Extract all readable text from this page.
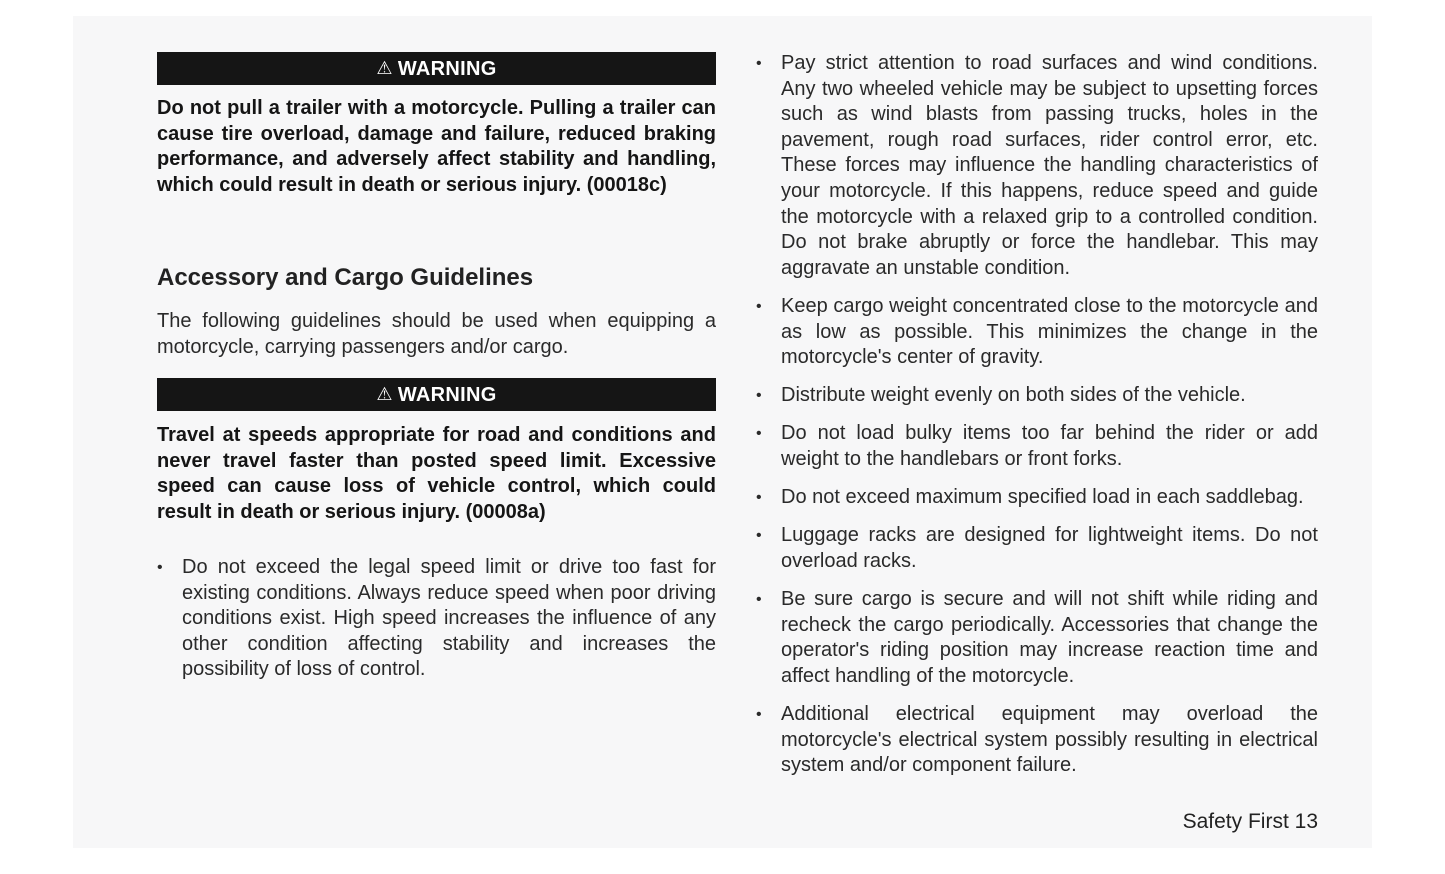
⚠ WARNING
Do not pull a trailer with a motorcycle. Pulling a trailer can cause tire overload, damage and failure, reduced braking performance, and adversely affect stability and handling, which could result in death or serious injury. (00018c)
Accessory and Cargo Guidelines
The following guidelines should be used when equipping a motorcycle, carrying passengers and/or cargo.
⚠ WARNING
Travel at speeds appropriate for road and conditions and never travel faster than posted speed limit. Excessive speed can cause loss of vehicle control, which could result in death or serious injury. (00008a)
• Do not exceed the legal speed limit or drive too fast for existing conditions. Always reduce speed when poor driving conditions exist. High speed increases the influence of any other condition affecting stability and increases the possibility of loss of control.
• Pay strict attention to road surfaces and wind conditions. Any two wheeled vehicle may be subject to upsetting forces such as wind blasts from passing trucks, holes in the pavement, rough road surfaces, rider control error, etc. These forces may influence the handling characteristics of your motorcycle. If this happens, reduce speed and guide the motorcycle with a relaxed grip to a controlled condition. Do not brake abruptly or force the handlebar. This may aggravate an unstable condition.
• Keep cargo weight concentrated close to the motorcycle and as low as possible. This minimizes the change in the motorcycle's center of gravity.
• Distribute weight evenly on both sides of the vehicle.
• Do not load bulky items too far behind the rider or add weight to the handlebars or front forks.
• Do not exceed maximum specified load in each saddlebag.
• Luggage racks are designed for lightweight items. Do not overload racks.
• Be sure cargo is secure and will not shift while riding and recheck the cargo periodically. Accessories that change the operator's riding position may increase reaction time and affect handling of the motorcycle.
• Additional electrical equipment may overload the motorcycle's electrical system possibly resulting in electrical system and/or component failure.
Safety First 13
